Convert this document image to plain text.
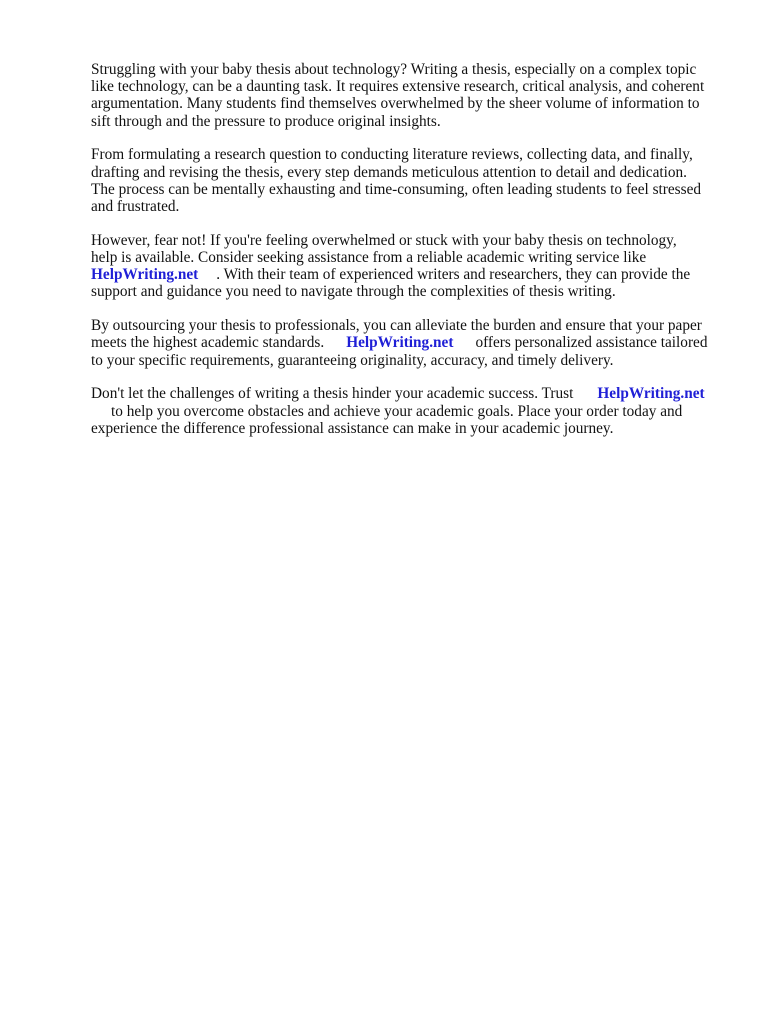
Struggling with your baby thesis about technology? Writing a thesis, especially on a complex topic
like technology, can be a daunting task. It requires extensive research, critical analysis, and coherent
argumentation. Many students find themselves overwhelmed by the sheer volume of information to
sift through and the pressure to produce original insights.

From formulating a research question to conducting literature reviews, collecting data, and finally,
drafting and revising the thesis, every step demands meticulous attention to detail and dedication.
The process can be mentally exhausting and time-consuming, often leading students to feel stressed
and frustrated.

However, fear not! If you're feeling overwhelmed or stuck with your baby thesis on technology,
help is available. Consider seeking assistance from a reliable academic writing service like
HelpWriting.net . With their team of experienced writers and researchers, they can provide the
support and guidance you need to navigate through the complexities of thesis writing.

By outsourcing your thesis to professionals, you can alleviate the burden and ensure that your paper
meets the highest academic standards. HelpWriting.net offers personalized assistance tailored
to your specific requirements, guaranteeing originality, accuracy, and timely delivery.

Don't let the challenges of writing a thesis hinder your academic success. Trust HelpWriting.net
to help you overcome obstacles and achieve your academic goals. Place your order today and
experience the difference professional assistance can make in your academic journey.
